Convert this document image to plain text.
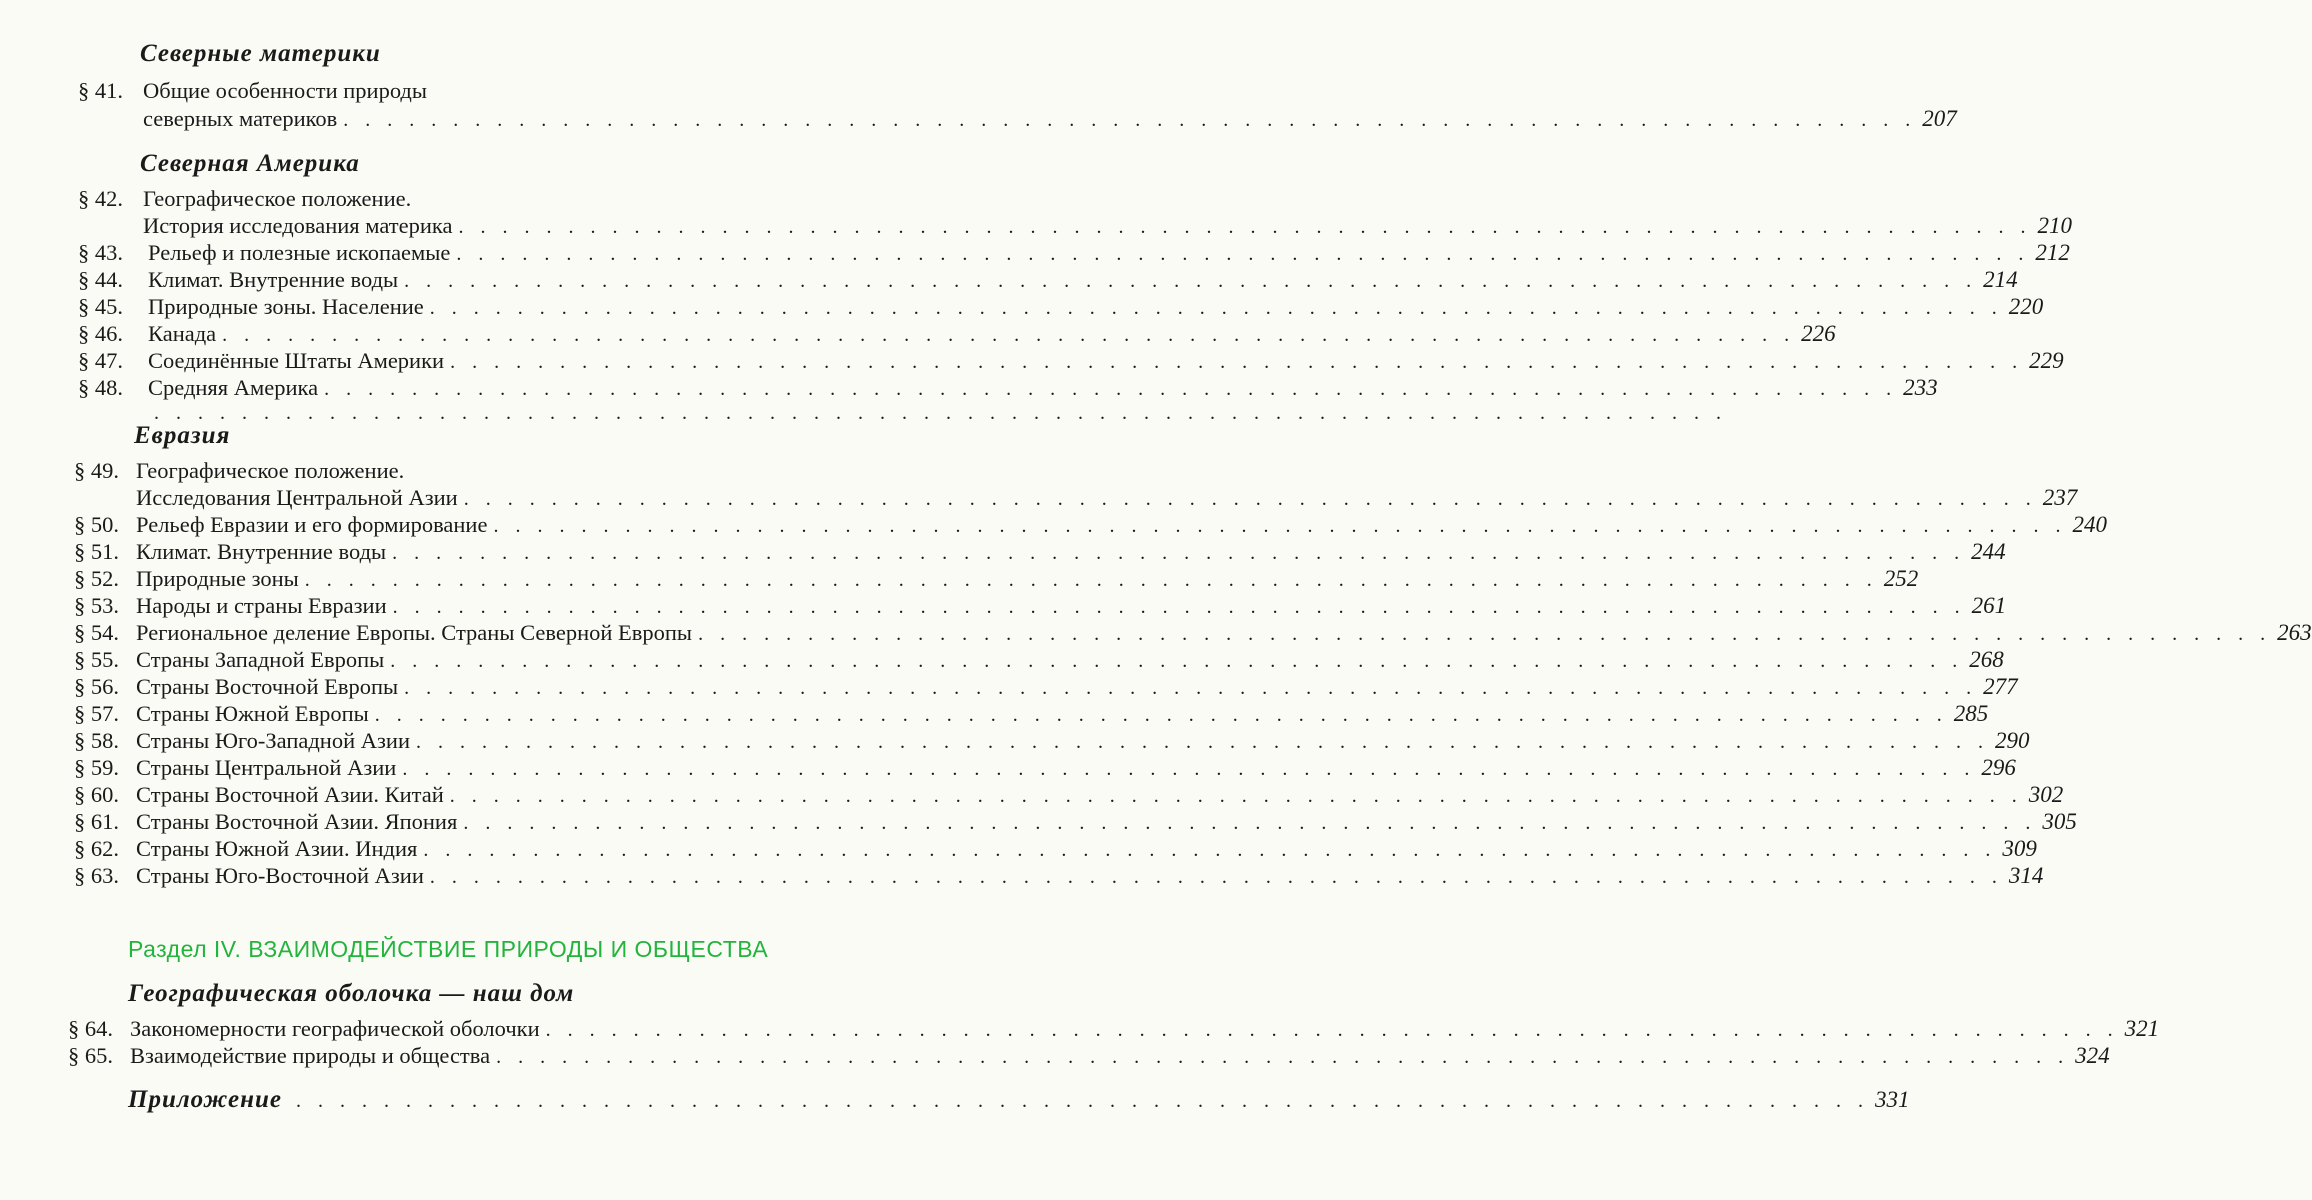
Северные материки
§ 41. Общие особенности природы
северных материков . . . . . . . . . . . . . . . . . . . . . . . . . . . . . . . . . . . . . . . . . . . . . . . . . . . . . . . . . . . . . . . . . . . . . . . . 207
Северная Америка
§ 42. Географическое положение.
История исследования материка . . . . . . . . . . . . . . . . . . . . . . . . . . . . . . . . . . . . . . . . . . . . . . . . . . . . . . . . . . . . . . . . . . . . . . . . 210
§ 43.	Рельеф и полезные ископаемые . . . . . . . . . . . . . . . . . . . . . . . . . . . . . . . . . . . . . . . . . . . . . . . . . . . . . . . . . . . . . . . . . . . . . . . . 212
§ 44.	Климат. Внутренние воды . . . . . . . . . . . . . . . . . . . . . . . . . . . . . . . . . . . . . . . . . . . . . . . . . . . . . . . . . . . . . . . . . . . . . . . . 214
§ 45.	Природные зоны. Население . . . . . . . . . . . . . . . . . . . . . . . . . . . . . . . . . . . . . . . . . . . . . . . . . . . . . . . . . . . . . . . . . . . . . . . . 220
§ 46.	Канада . . . . . . . . . . . . . . . . . . . . . . . . . . . . . . . . . . . . . . . . . . . . . . . . . . . . . . . . . . . . . . . . . . . . . . . . 226
§ 47.	Соединённые Штаты Америки . . . . . . . . . . . . . . . . . . . . . . . . . . . . . . . . . . . . . . . . . . . . . . . . . . . . . . . . . . . . . . . . . . . . . . . . 229
§ 48.	Средняя Америка . . . . . . . . . . . . . . . . . . . . . . . . . . . . . . . . . . . . . . . . . . . . . . . . . . . . . . . . . . . . . . . . . . . . . . . . 233
. . . . . . . . . . . . . . . . . . . . . . . . . . . . . . . . . . . . . . . . . . . . . . . . . . . . . . . . . . . . . . . . . . . . . . . .
Евразия
§ 49. Географическое положение.
Исследования Центральной Азии . . . . . . . . . . . . . . . . . . . . . . . . . . . . . . . . . . . . . . . . . . . . . . . . . . . . . . . . . . . . . . . . . . . . . . . . 237
§ 50. Рельеф Евразии и его формирование . . . . . . . . . . . . . . . . . . . . . . . . . . . . . . . . . . . . . . . . . . . . . . . . . . . . . . . . . . . . . . . . . . . . . . . . 240
§ 51. Климат. Внутренние воды . . . . . . . . . . . . . . . . . . . . . . . . . . . . . . . . . . . . . . . . . . . . . . . . . . . . . . . . . . . . . . . . . . . . . . . . 244
§ 52. Природные зоны . . . . . . . . . . . . . . . . . . . . . . . . . . . . . . . . . . . . . . . . . . . . . . . . . . . . . . . . . . . . . . . . . . . . . . . . 252
§ 53. Народы и страны Евразии . . . . . . . . . . . . . . . . . . . . . . . . . . . . . . . . . . . . . . . . . . . . . . . . . . . . . . . . . . . . . . . . . . . . . . . . 261
§ 54. Региональное деление Европы. Страны Северной Европы . . . . . . . . . . . . . . . . . . . . . . . . . . . . . . . . . . . . . . . . . . . . . . . . . . . . . . . . . . . . . . . . . . . . . . . . 263
§ 55. Страны Западной Европы . . . . . . . . . . . . . . . . . . . . . . . . . . . . . . . . . . . . . . . . . . . . . . . . . . . . . . . . . . . . . . . . . . . . . . . . 268
§ 56. Страны Восточной Европы . . . . . . . . . . . . . . . . . . . . . . . . . . . . . . . . . . . . . . . . . . . . . . . . . . . . . . . . . . . . . . . . . . . . . . . . 277
§ 57. Страны Южной Европы . . . . . . . . . . . . . . . . . . . . . . . . . . . . . . . . . . . . . . . . . . . . . . . . . . . . . . . . . . . . . . . . . . . . . . . . 285
§ 58. Страны Юго-Западной Азии . . . . . . . . . . . . . . . . . . . . . . . . . . . . . . . . . . . . . . . . . . . . . . . . . . . . . . . . . . . . . . . . . . . . . . . . 290
§ 59. Страны Центральной Азии . . . . . . . . . . . . . . . . . . . . . . . . . . . . . . . . . . . . . . . . . . . . . . . . . . . . . . . . . . . . . . . . . . . . . . . . 296
§ 60. Страны Восточной Азии. Китай . . . . . . . . . . . . . . . . . . . . . . . . . . . . . . . . . . . . . . . . . . . . . . . . . . . . . . . . . . . . . . . . . . . . . . . . 302
§ 61. Страны Восточной Азии. Япония . . . . . . . . . . . . . . . . . . . . . . . . . . . . . . . . . . . . . . . . . . . . . . . . . . . . . . . . . . . . . . . . . . . . . . . . 305
§ 62. Страны Южной Азии. Индия . . . . . . . . . . . . . . . . . . . . . . . . . . . . . . . . . . . . . . . . . . . . . . . . . . . . . . . . . . . . . . . . . . . . . . . . 309
§ 63. Страны Юго-Восточной Азии . . . . . . . . . . . . . . . . . . . . . . . . . . . . . . . . . . . . . . . . . . . . . . . . . . . . . . . . . . . . . . . . . . . . . . . . 314
Раздел IV. ВЗАИМОДЕЙСТВИЕ ПРИРОДЫ И ОБЩЕСТВА
Географическая оболочка — наш дом
§ 64. Закономерности географической оболочки . . . . . . . . . . . . . . . . . . . . . . . . . . . . . . . . . . . . . . . . . . . . . . . . . . . . . . . . . . . . . . . . . . . . . . . . 321
§ 65. Взаимодействие природы и общества . . . . . . . . . . . . . . . . . . . . . . . . . . . . . . . . . . . . . . . . . . . . . . . . . . . . . . . . . . . . . . . . . . . . . . . . 324
Приложение . . . . . . . . . . . . . . . . . . . . . . . . . . . . . . . . . . . . . . . . . . . . . . . . . . . . . . . . . . . . . . . . . . . . . . . . 331
